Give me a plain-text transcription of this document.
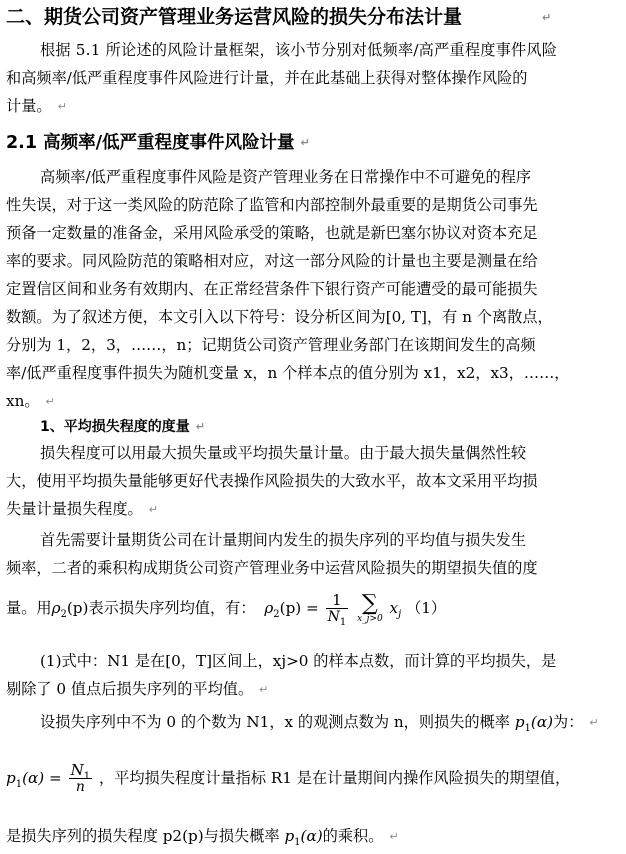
二、期货公司资产管理业务运营风险的损失分布法计量	↵
根据 5.1 所论述的风险计量框架，该小节分别对低频率/高严重程度事件风险
和高频率/低严重程度事件风险进行计量，并在此基础上获得对整体操作风险的
计量。 ↵
2.1 高频率/低严重程度事件风险计量 ↵
高频率/低严重程度事件风险是资产管理业务在日常操作中不可避免的程序
性失误，对于这一类风险的防范除了监管和内部控制外最重要的是期货公司事先
预备一定数量的准备金，采用风险承受的策略，也就是新巴塞尔协议对资本充足
率的要求。同风险防范的策略相对应，对这一部分风险的计量也主要是测量在给
定置信区间和业务有效期内、在正常经营条件下银行资产可能遭受的最可能损失
数额。为了叙述方便，本文引入以下符号：设分析区间为[0, T]，有 n 个离散点，
分别为 1，2，3，……，n；记期货公司资产管理业务部门在该期间发生的高频
率/低严重程度事件损失为随机变量 x，n 个样本点的值分别为 x1，x2，x3，……，
xn。 ↵
1、平均损失程度的度量 ↵
损失程度可以用最大损失量或平均损失量计量。由于最大损失量偶然性较
大，使用平均损失量能够更好代表操作风险损失的大致水平，故本文采用平均损
失量计量损失程度。 ↵
首先需要计量期货公司在计量期间内发生的损失序列的平均值与损失发生
频率，二者的乘积构成期货公司资产管理业务中运营风险损失的期望损失值的度
量。用$\rho_2(p)$表示损失序列均值，有： $\rho_2(p) = \frac{1}{N_1}$
∑
x_j>0
$x_j$ （1）
(1)式中：N1 是在[0，T]区间上，xj>0 的样本点数，而计算的平均损失，是
剔除了 0 值点后损失序列的平均值。 ↵
设损失序列中不为 0 的个数为 N1，x 的观测点数为 n，则损失的概率 $p_1(\alpha)$为： ↵
$p_1(\alpha) = \frac{N_1}{n}$ ，平均损失程度计量指标 R1 是在计量期间内操作风险损失的期望值，
是损失序列的损失程度 p2(p)与损失概率 $p_1(\alpha)$的乘积。 ↵
